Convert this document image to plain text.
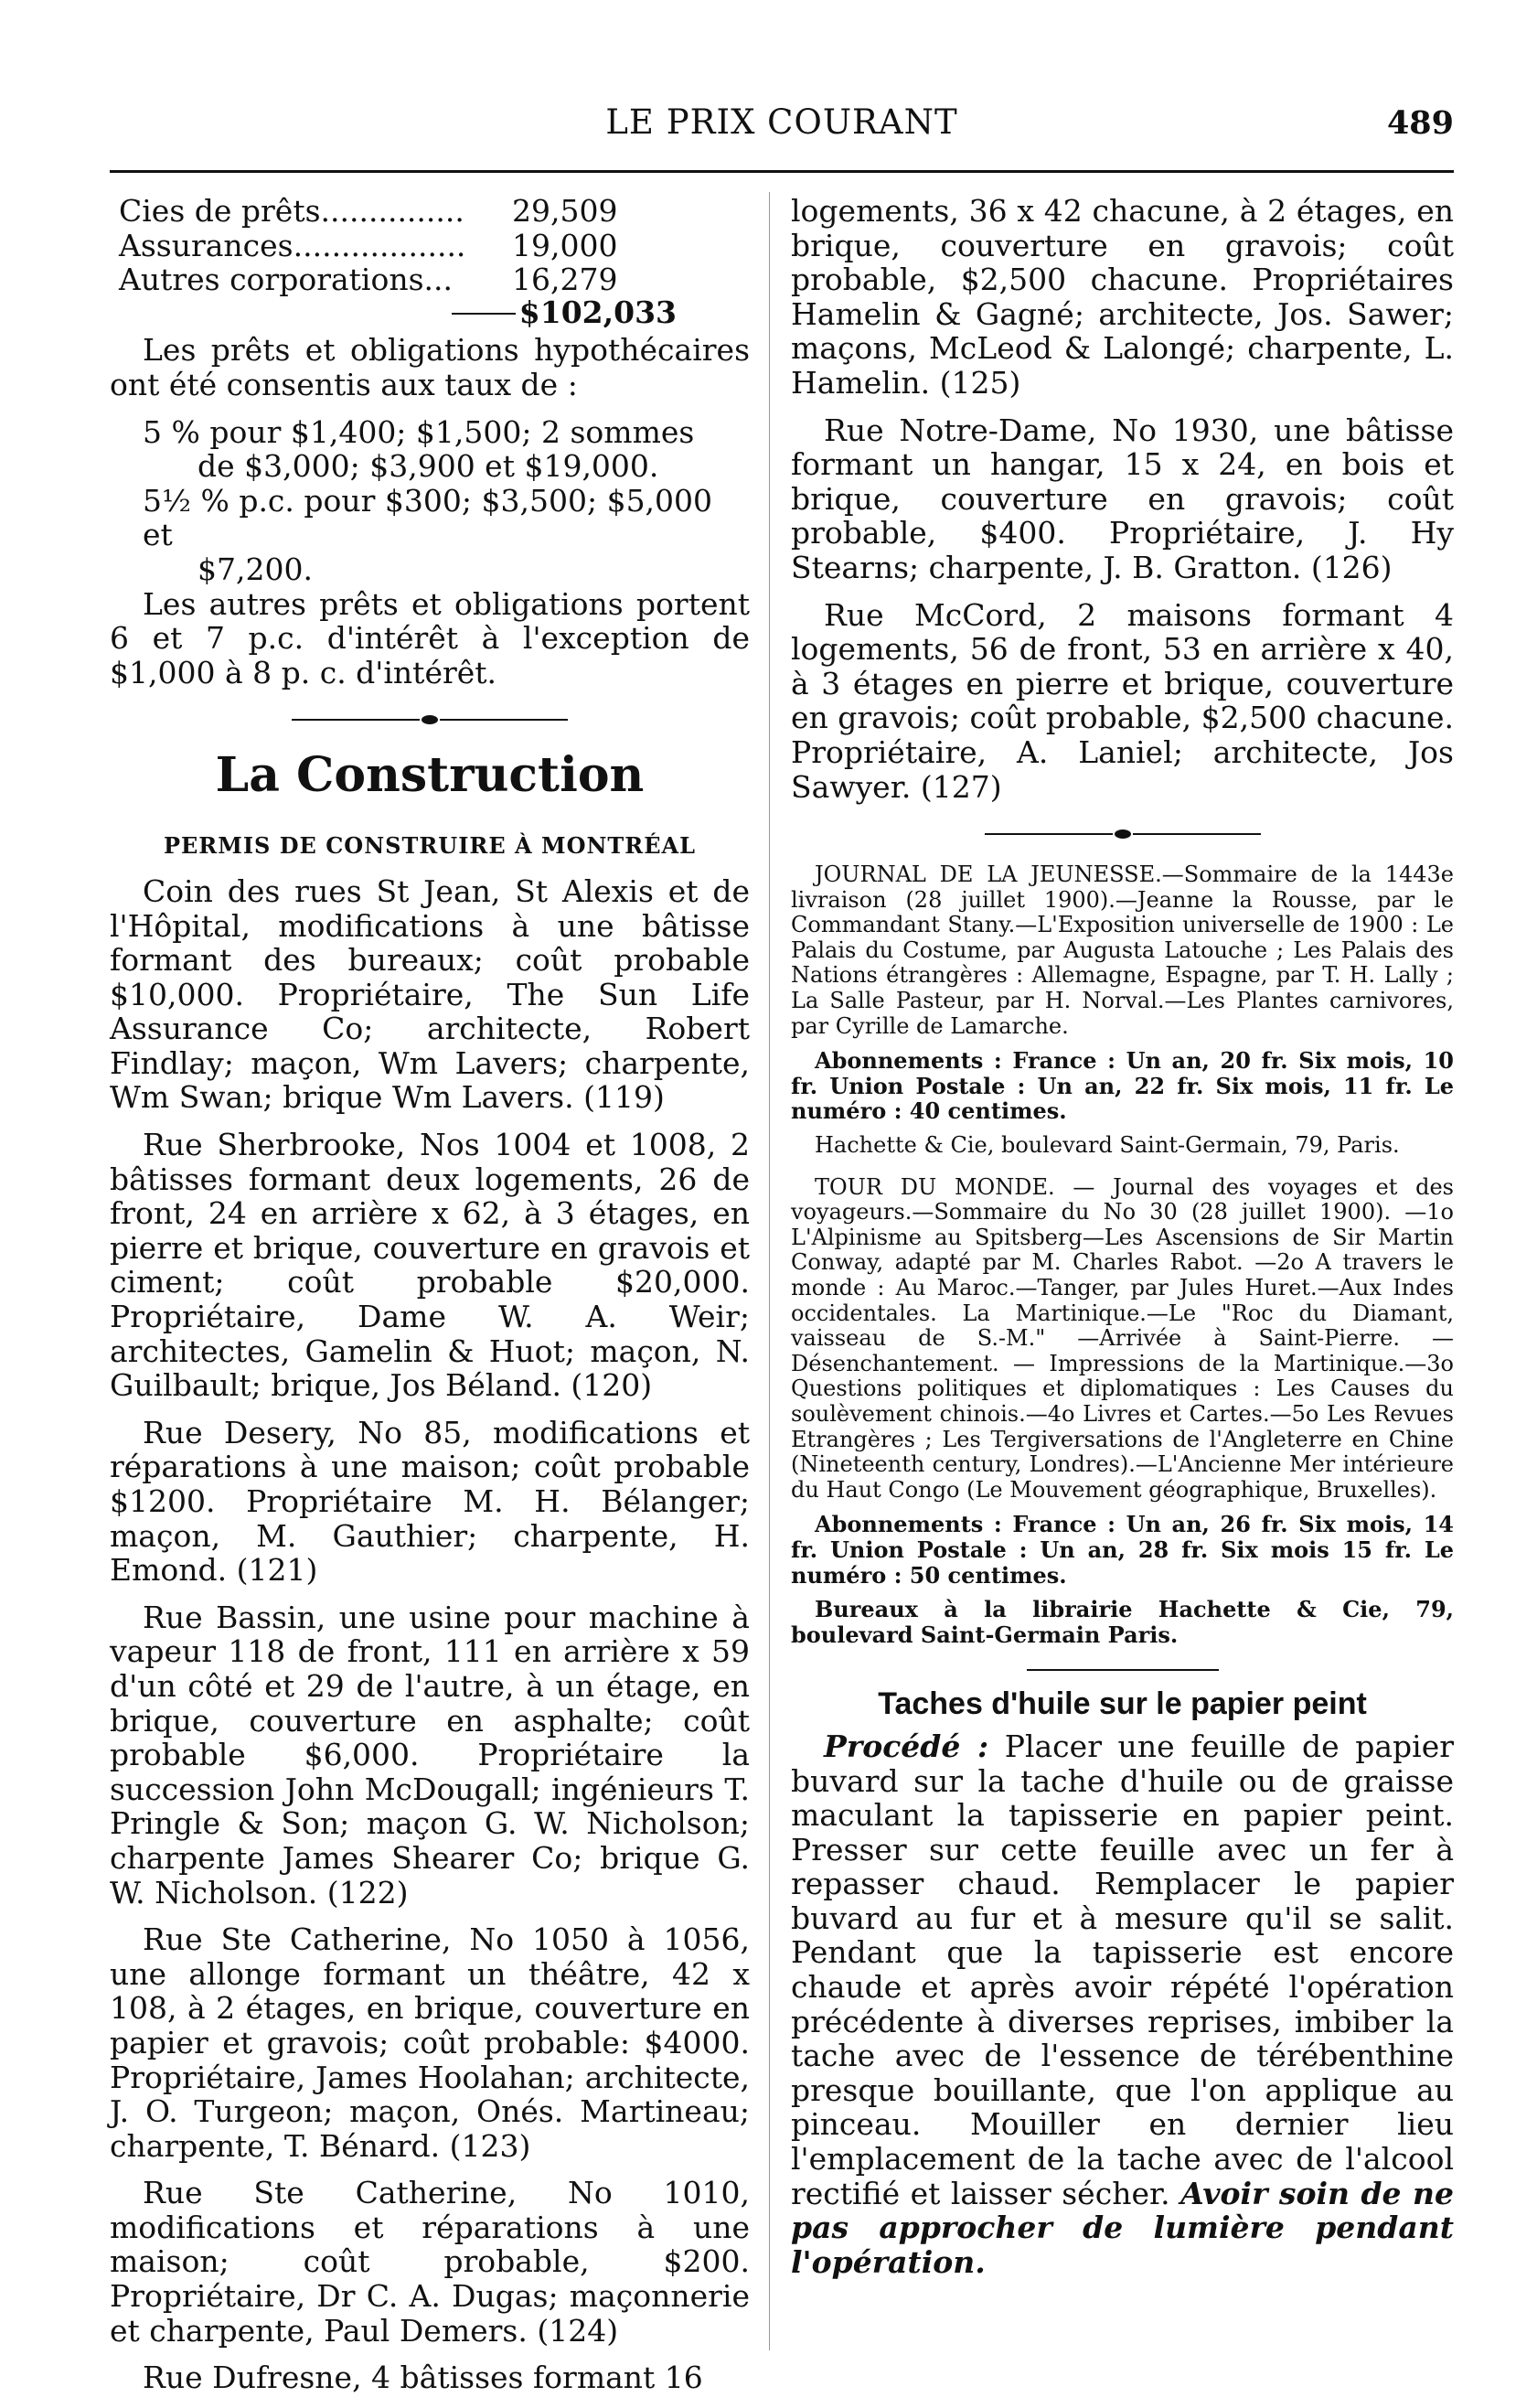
LE PRIX COURANT	489
Cies de prêts...............	29,509
Assurances..................	19,000
Autres corporations...	16,279
$102,033

Les prêts et obligations hypothécaires ont été consentis aux taux de :

5 % pour $1,400; $1,500; 2 sommes
de $3,000; $3,900 et $19,000.
5½ % p.c. pour $300; $3,500; $5,000 et
$7,200.

Les autres prêts et obligations portent 6 et 7 p.c. d'intérêt à l'exception de $1,000 à 8 p. c. d'intérêt.

La Construction
PERMIS DE CONSTRUIRE À MONTRÉAL

Coin des rues St Jean, St Alexis et de l'Hôpital, modifications à une bâtisse formant des bureaux; coût probable $10,000. Propriétaire, The Sun Life Assurance Co; architecte, Robert Findlay; maçon, Wm Lavers; charpente, Wm Swan; brique Wm Lavers. (119)

Rue Sherbrooke, Nos 1004 et 1008, 2 bâtisses formant deux logements, 26 de front, 24 en arrière x 62, à 3 étages, en pierre et brique, couverture en gravois et ciment; coût probable $20,000. Propriétaire, Dame W. A. Weir; architectes, Gamelin & Huot; maçon, N. Guilbault; brique, Jos Béland. (120)

Rue Desery, No 85, modifications et réparations à une maison; coût probable $1200. Propriétaire M. H. Bélanger; maçon, M. Gauthier; charpente, H. Emond. (121)

Rue Bassin, une usine pour machine à vapeur 118 de front, 111 en arrière x 59 d'un côté et 29 de l'autre, à un étage, en brique, couverture en asphalte; coût probable $6,000. Propriétaire la succession John McDougall; ingénieurs T. Pringle & Son; maçon G. W. Nicholson; charpente James Shearer Co; brique G. W. Nicholson. (122)

Rue Ste Catherine, No 1050 à 1056, une allonge formant un théâtre, 42 x 108, à 2 étages, en brique, couverture en papier et gravois; coût probable: $4000. Propriétaire, James Hoolahan; architecte, J. O. Turgeon; maçon, Onés. Martineau; charpente, T. Bénard. (123)

Rue Ste Catherine, No 1010, modifications et réparations à une maison; coût probable, $200. Propriétaire, Dr C. A. Dugas; maçonnerie et charpente, Paul Demers. (124)

Rue Dufresne, 4 bâtisses formant 16

logements, 36 x 42 chacune, à 2 étages, en brique, couverture en gravois; coût probable, $2,500 chacune. Propriétaires Hamelin & Gagné; architecte, Jos. Sawer; maçons, McLeod & Lalongé; charpente, L. Hamelin. (125)

Rue Notre-Dame, No 1930, une bâtisse formant un hangar, 15 x 24, en bois et brique, couverture en gravois; coût probable, $400. Propriétaire, J. Hy Stearns; charpente, J. B. Gratton. (126)

Rue McCord, 2 maisons formant 4 logements, 56 de front, 53 en arrière x 40, à 3 étages en pierre et brique, couverture en gravois; coût probable, $2,500 chacune. Propriétaire, A. Laniel; architecte, Jos Sawyer. (127)

JOURNAL DE LA JEUNESSE.—Sommaire de la 1443e livraison (28 juillet 1900).—Jeanne la Rousse, par le Commandant Stany.—L'Exposition universelle de 1900 : Le Palais du Costume, par Augusta Latouche ; Les Palais des Nations étrangères : Allemagne, Espagne, par T. H. Lally ; La Salle Pasteur, par H. Norval.—Les Plantes carnivores, par Cyrille de Lamarche.

Abonnements : France : Un an, 20 fr. Six mois, 10 fr. Union Postale : Un an, 22 fr. Six mois, 11 fr. Le numéro : 40 centimes.

Hachette & Cie, boulevard Saint-Germain, 79, Paris.

TOUR DU MONDE. — Journal des voyages et des voyageurs.—Sommaire du No 30 (28 juillet 1900). —1o L'Alpinisme au Spitsberg—Les Ascensions de Sir Martin Conway, adapté par M. Charles Rabot. —2o A travers le monde : Au Maroc.—Tanger, par Jules Huret.—Aux Indes occidentales. La Martinique.—Le "Roc du Diamant, vaisseau de S.-M." —Arrivée à Saint-Pierre. — Désenchantement. — Impressions de la Martinique.—3o Questions politiques et diplomatiques : Les Causes du soulèvement chinois.—4o Livres et Cartes.—5o Les Revues Etrangères ; Les Tergiversations de l'Angleterre en Chine (Nineteenth century, Londres).—L'Ancienne Mer intérieure du Haut Congo (Le Mouvement géographique, Bruxelles).

Abonnements : France : Un an, 26 fr. Six mois, 14 fr. Union Postale : Un an, 28 fr. Six mois 15 fr. Le numéro : 50 centimes.

Bureaux à la librairie Hachette & Cie, 79, boulevard Saint-Germain Paris.

Taches d'huile sur le papier peint

Procédé : Placer une feuille de papier buvard sur la tache d'huile ou de graisse maculant la tapisserie en papier peint. Presser sur cette feuille avec un fer à repasser chaud. Remplacer le papier buvard au fur et à mesure qu'il se salit. Pendant que la tapisserie est encore chaude et après avoir répété l'opération précédente à diverses reprises, imbiber la tache avec de l'essence de térébenthine presque bouillante, que l'on applique au pinceau. Mouiller en dernier lieu l'emplacement de la tache avec de l'alcool rectifié et laisser sécher. Avoir soin de ne pas approcher de lumière pendant l'opération.
